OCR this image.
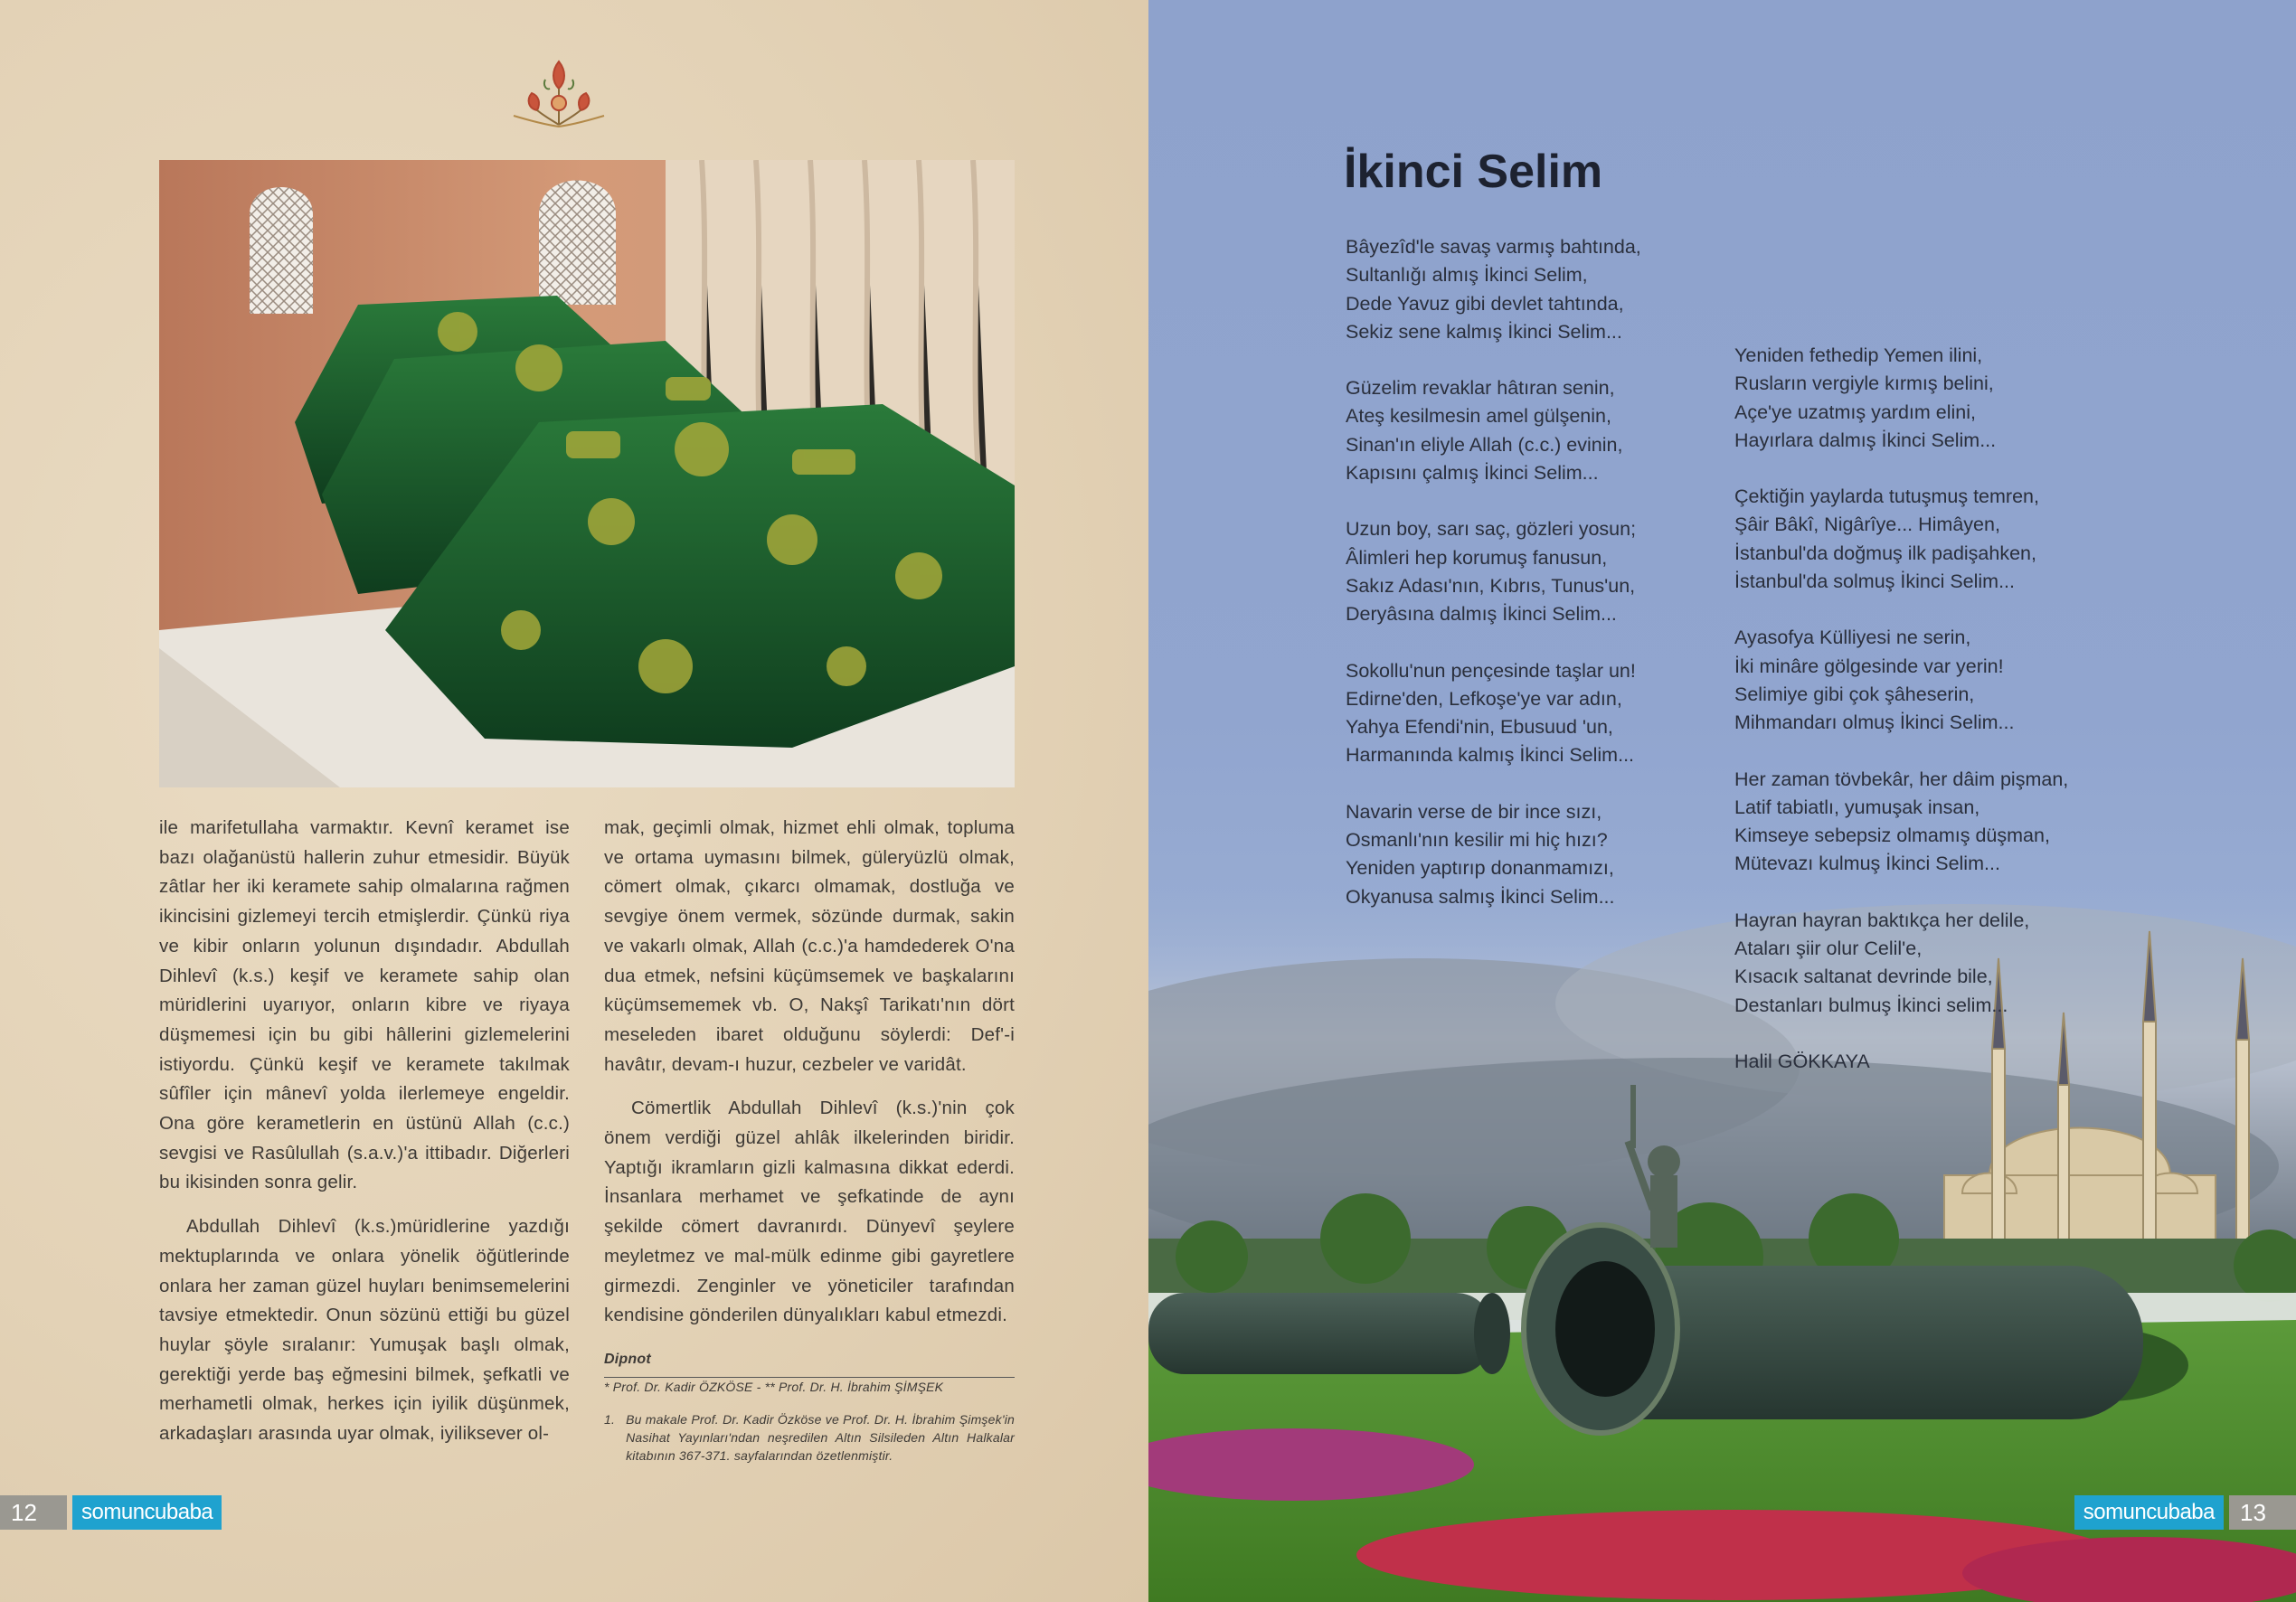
ile marifetullaha varmaktır. Kevnî keramet ise bazı olağanüstü hallerin zuhur etmesidir. Büyük zâtlar her iki keramete sahip olmalarına rağmen ikincisini gizlemeyi tercih etmişlerdir. Çünkü riya ve kibir onların yolunun dışındadır. Abdullah Dihlevî (k.s.) keşif ve keramete sahip olan müridlerini uyarıyor, onların kibre ve riyaya düşmemesi için bu gibi hâllerini gizlemelerini istiyordu. Çünkü keşif ve keramete takılmak sûfîler için mânevî yolda ilerlemeye engeldir. Ona göre kerametlerin en üstünü Allah (c.c.) sevgisi ve Rasûlullah (s.a.v.)'a ittibadır. Diğerleri bu ikisinden sonra gelir.

Abdullah Dihlevî (k.s.)müridlerine yazdığı mektuplarında ve onlara yönelik öğütlerinde onlara her zaman güzel huyları benimsemelerini tavsiye etmektedir. Onun sözünü ettiği bu güzel huylar şöyle sıralanır: Yumuşak başlı olmak, gerektiği yerde baş eğmesini bilmek, şefkatli ve merhametli olmak, herkes için iyilik düşünmek, arkadaşları arasında uyar olmak, iyiliksever ol-

mak, geçimli olmak, hizmet ehli olmak, topluma ve ortama uymasını bilmek, güleryüzlü olmak, cömert olmak, çıkarcı olmamak, dostluğa ve sevgiye önem vermek, sözünde durmak, sakin ve vakarlı olmak, Allah (c.c.)'a hamdederek O'na dua etmek, nefsini küçümsemek ve başkalarını küçümsememek vb. O, Nakşî Tarikatı'nın dört meseleden ibaret olduğunu söylerdi: Def'-i havâtır, devam-ı huzur, cezbeler ve varidât.

Cömertlik Abdullah Dihlevî (k.s.)'nin çok önem verdiği güzel ahlâk ilkelerinden biridir. Yaptığı ikramların gizli kalmasına dikkat ederdi. İnsanlara merhamet ve şefkatinde de aynı şekilde cömert davranırdı. Dünyevî şeylere meyletmez ve mal-mülk edinme gibi gayretlere girmezdi. Zenginler ve yöneticiler tarafından kendisine gönderilen dünyalıkları kabul etmezdi.

Dipnot

* Prof. Dr. Kadir ÖZKÖSE - ** Prof. Dr. H. İbrahim ŞİMŞEK

1. Bu makale Prof. Dr. Kadir Özköse ve Prof. Dr. H. İbrahim Şimşek'in Nasihat Yayınları'ndan neşredilen Altın Silsileden Altın Halkalar kitabının 367-371. sayfalarından özetlenmiştir.
12	somuncubaba
İkinci Selim

Bâyezîd'le savaş varmış bahtında,
Sultanlığı almış İkinci Selim,
Dede Yavuz gibi devlet tahtında,
Sekiz sene kalmış İkinci Selim...

Güzelim revaklar hâtıran senin,
Ateş kesilmesin amel gülşenin,
Sinan'ın eliyle Allah (c.c.) evinin,
Kapısını çalmış İkinci Selim...

Uzun boy, sarı saç, gözleri yosun;
Âlimleri hep korumuş fanusun,
Sakız Adası'nın, Kıbrıs, Tunus'un,
Deryâsına dalmış İkinci Selim...

Sokollu'nun pençesinde taşlar un!
Edirne'den, Lefkoşe'ye var adın,
Yahya Efendi'nin, Ebusuud 'un,
Harmanında kalmış İkinci Selim...

Navarin verse de bir ince sızı,
Osmanlı'nın kesilir mi hiç hızı?
Yeniden yaptırıp donanmamızı,
Okyanusa salmış İkinci Selim...

Yeniden fethedip Yemen ilini,
Rusların vergiyle kırmış belini,
Açe'ye uzatmış yardım elini,
Hayırlara dalmış İkinci Selim...

Çektiğin yaylarda tutuşmuş temren,
Şâir Bâkî, Nigârîye... Himâyen,
İstanbul'da doğmuş ilk padişahken,
İstanbul'da solmuş İkinci Selim...

Ayasofya Külliyesi ne serin,
İki minâre gölgesinde var yerin!
Selimiye gibi çok şâheserin,
Mihmandarı olmuş İkinci Selim...

Her zaman tövbekâr, her dâim pişman,
Latif tabiatlı, yumuşak insan,
Kimseye sebepsiz olmamış düşman,
Mütevazı kulmuş İkinci Selim...

Hayran hayran baktıkça her delile,
Ataları şiir olur Celil'e,
Kısacık saltanat devrinde bile,
Destanları bulmuş İkinci selim...

Halil GÖKKAYA

somuncubaba	13
